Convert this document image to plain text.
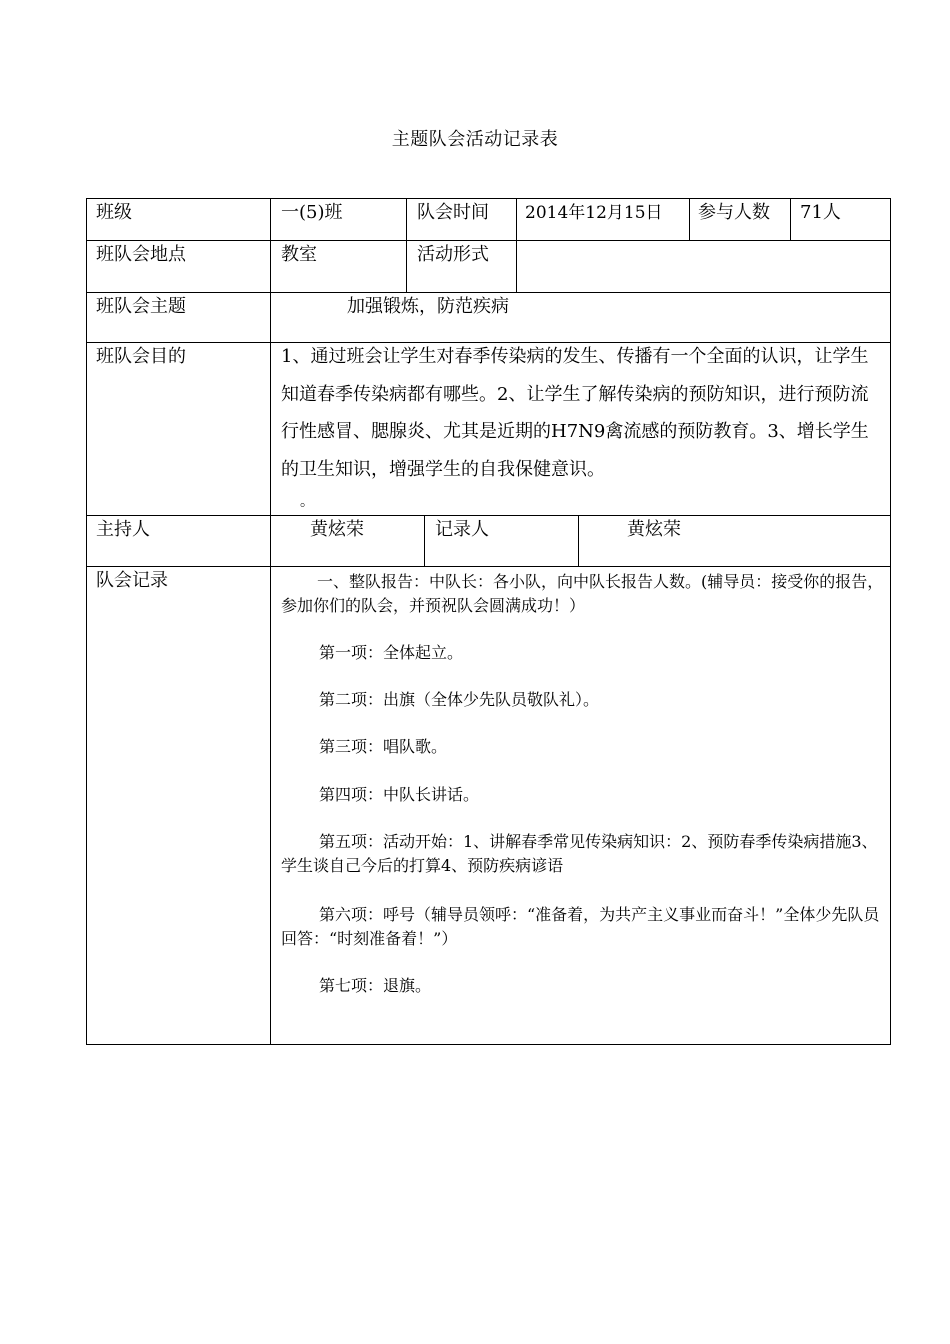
主题队会活动记录表
班级	一(5)班	队会时间 2014年12月15日 参与人数 71人
班队会地点	教室	活动形式
班队会主题	加强锻炼，防范疾病
班队会目的	1、通过班会让学生对春季传染病的发生、传播有一个全面的认识，让学生知道春季传染病都有哪些。2、让学生了解传染病的预防知识，进行预防流行性感冒、腮腺炎、尤其是近期的H7N9禽流感的预防教育。3、增长学生的卫生知识，增强学生的自我保健意识。
。
主持人	黄炫荣	记录人	黄炫荣
队会记录	一、整队报告：中队长：各小队，向中队长报告人数。(辅导员：接受你的报告，参加你们的队会，并预祝队会圆满成功！）
第一项：全体起立。
第二项：出旗（全体少先队员敬队礼）。
第三项：唱队歌。
第四项：中队长讲话。
第五项：活动开始：1、讲解春季常见传染病知识：2、预防春季传染病措施3、学生谈自己今后的打算4、预防疾病谚语
第六项：呼号（辅导员领呼：“准备着，为共产主义事业而奋斗！”全体少先队员回答：“时刻准备着！”）
第七项：退旗。
